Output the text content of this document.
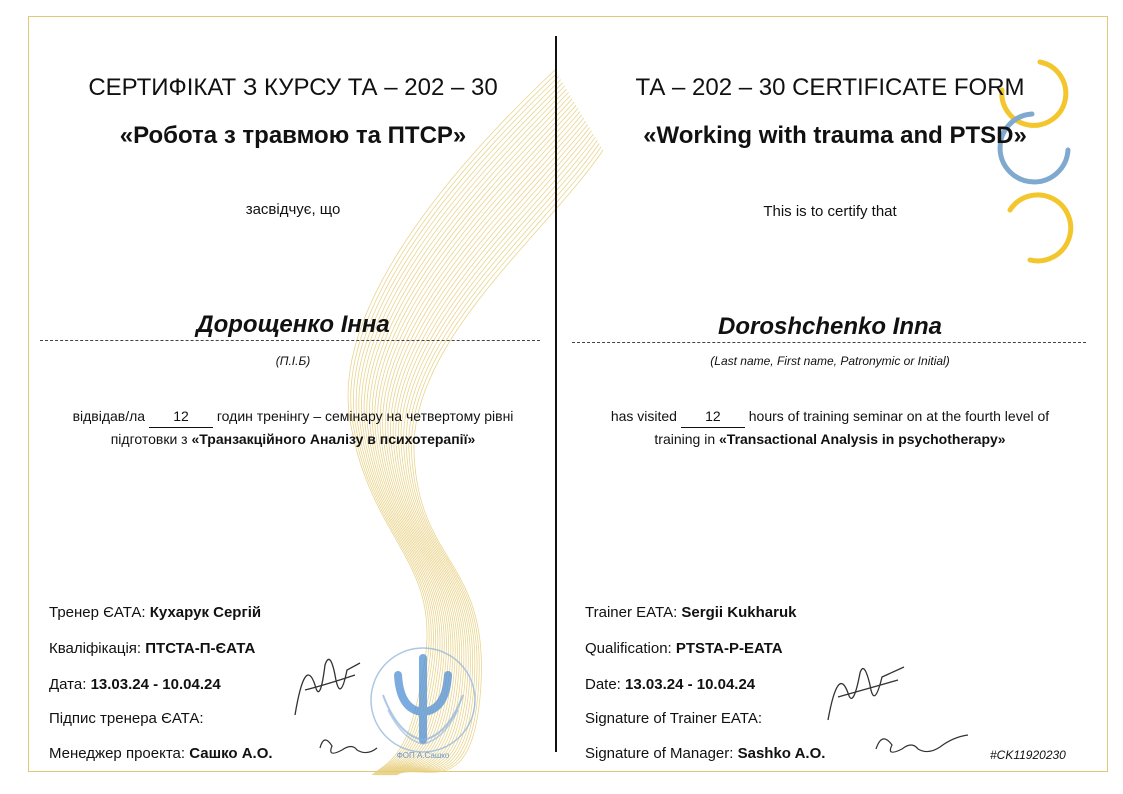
СЕРТИФІКАТ З КУРСУ ТА – 202 – 30
«Робота з травмою та ПТСР»
засвідчує, що
Дорощенко Інна
(П.І.Б)
відвідав/ла 12 годин тренінгу – семінару на четвертому рівні
підготовки з «Транзакційного Аналізу в психотерапії»
Тренер ЄАТА: Кухарук Сергій
Кваліфікація: ПТСТА-П-ЄАТА
Дата: 13.03.24 - 10.04.24
Підпис тренера ЄАТА:
Менеджер проекта: Сашко А.О.	ФОП А.Сашко
ТА – 202 – 30 CERTIFICATE FORM
«Working with trauma and PTSD»
This is to certify that
Doroshchenko Inna
(Last name, First name, Patronymic or Initial)
has visited 12 hours of training seminar on at the fourth level of
training in «Transactional Analysis in psychotherapy»
Trainer EATA: Sergii Kukharuk
Qualification: PTSTA-P-EATA
Date: 13.03.24 - 10.04.24
Signature of Trainer EATA:
Signature of Manager: Sashko A.O.	#CK11920230
